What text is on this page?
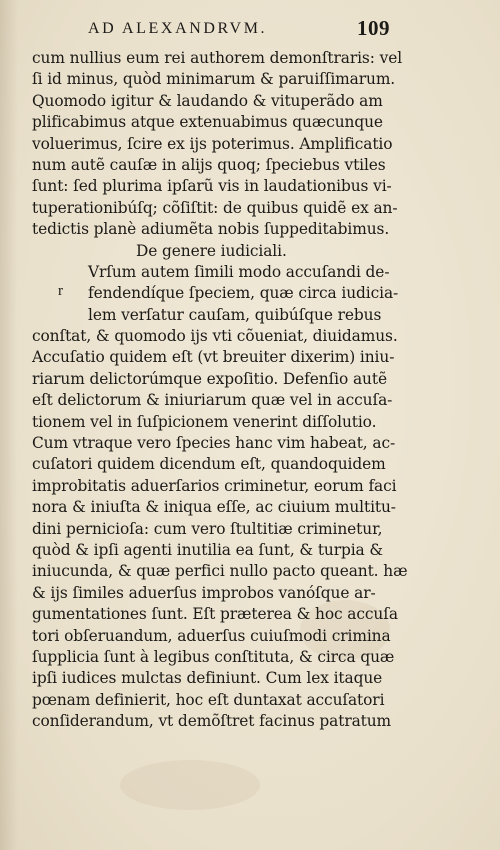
AD ALEXANDRVM.	109
r
cum nullius eum rei authorem demonſtraris: vel
ſi id minus, quòd minimarum & paruiſſimarum.
Quomodo igitur & laudando & vituperãdo am
plificabimus atque extenuabimus quæcunque
voluerimus, ſcire ex ijs poterimus. Amplificatio
num autẽ cauſæ in alijs quoq; ſpeciebus vtiles
ſunt: ſed plurima ipſarũ vis in laudationibus vi-
tuperationibúſq; cõſiſtit: de quibus quidẽ ex an-
tedictis planè adiumẽta nobis ſuppeditabimus.
De genere iudiciali.
Vrſum autem ſimili modo accuſandi de-
fendendíque ſpeciem, quæ circa iudicia-
lem verſatur cauſam, quibúſque rebus
conſtat, & quomodo ijs vti cõueniat, diuidamus.
Accuſatio quidem eſt (vt breuiter dixerim) iniu-
riarum delictorúmque expoſitio. Defenſio autẽ
eſt delictorum & iniuriarum quæ vel in accuſa-
tionem vel in ſuſpicionem venerint diſſolutio.
Cum vtraque vero ſpecies hanc vim habeat, ac-
cuſatori quidem dicendum eſt, quandoquidem
improbitatis aduerſarios criminetur, eorum faci
nora & iniuſta & iniqua eſſe, ac ciuium multitu-
dini pernicioſa: cum vero ſtultitiæ criminetur,
quòd & ipſi agenti inutilia ea ſunt, & turpia &
iniucunda, & quæ perfici nullo pacto queant. hæ
& ijs ſimiles aduerſus improbos vanóſque ar-
gumentationes ſunt. Eſt præterea & hoc accuſa
tori obſeruandum, aduerſus cuiuſmodi crimina
ſupplicia ſunt à legibus conſtituta, & circa quæ
ipſi iudices mulctas definiunt. Cum lex itaque
pœnam definierit, hoc eſt duntaxat accuſatori
conſiderandum, vt demõſtret facinus patratum
